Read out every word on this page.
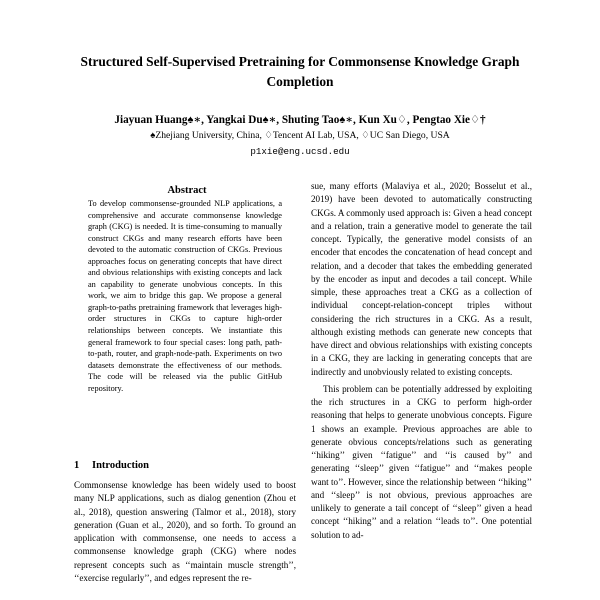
Structured Self-Supervised Pretraining for Commonsense Knowledge Graph Completion
Jiayuan Huang♠∗, Yangkai Du♠∗, Shuting Tao♠∗, Kun Xu♢, Pengtao Xie♢†
♠Zhejiang University, China, ♢Tencent AI Lab, USA, ♢UC San Diego, USA
p1xie@eng.ucsd.edu
Abstract

To develop commonsense-grounded NLP applications, a comprehensive and accurate commonsense knowledge graph (CKG) is needed. It is time-consuming to manually construct CKGs and many research efforts have been devoted to the automatic construction of CKGs. Previous approaches focus on generating concepts that have direct and obvious relationships with existing concepts and lack an capability to generate unobvious concepts. In this work, we aim to bridge this gap. We propose a general graph-to-paths pretraining framework that leverages high-order structures in CKGs to capture high-order relationships between concepts. We instantiate this general framework to four special cases: long path, path-to-path, router, and graph-node-path. Experiments on two datasets demonstrate the effectiveness of our methods. The code will be released via the public GitHub repository.

1 Introduction

Commonsense knowledge has been widely used to boost many NLP applications, such as dialog genention (Zhou et al., 2018), question answering (Talmor et al., 2018), story generation (Guan et al., 2020), and so forth. To ground an application with commonsense, one needs to access a commonsense knowledge graph (CKG) where nodes represent concepts such as ‘‘maintain muscle strength’’, ‘‘exercise regularly’’, and edges represent the re-

sue, many efforts (Malaviya et al., 2020; Bosselut et al., 2019) have been devoted to automatically constructing CKGs. A commonly used approach is: Given a head concept and a relation, train a generative model to generate the tail concept. Typically, the generative model consists of an encoder that encodes the concatenation of head concept and relation, and a decoder that takes the embedding generated by the encoder as input and decodes a tail concept. While simple, these approaches treat a CKG as a collection of individual concept-relation-concept triples without considering the rich structures in a CKG. As a result, although existing methods can generate new concepts that have direct and obvious relationships with existing concepts in a CKG, they are lacking in generating concepts that are indirectly and unobviously related to existing concepts.

This problem can be potentially addressed by exploiting the rich structures in a CKG to perform high-order reasoning that helps to generate unobvious concepts. Figure 1 shows an example. Previous approaches are able to generate obvious concepts/relations such as generating ‘‘hiking’’ given ‘‘fatigue’’ and ‘‘is caused by’’ and generating ‘‘sleep’’ given ‘‘fatigue’’ and ‘‘makes people want to’’. However, since the relationship between ‘‘hiking’’ and ‘‘sleep’’ is not obvious, previous approaches are unlikely to generate a tail concept of ‘‘sleep’’ given a head concept ‘‘hiking’’ and a relation ‘‘leads to’’. One potential solution to ad-
